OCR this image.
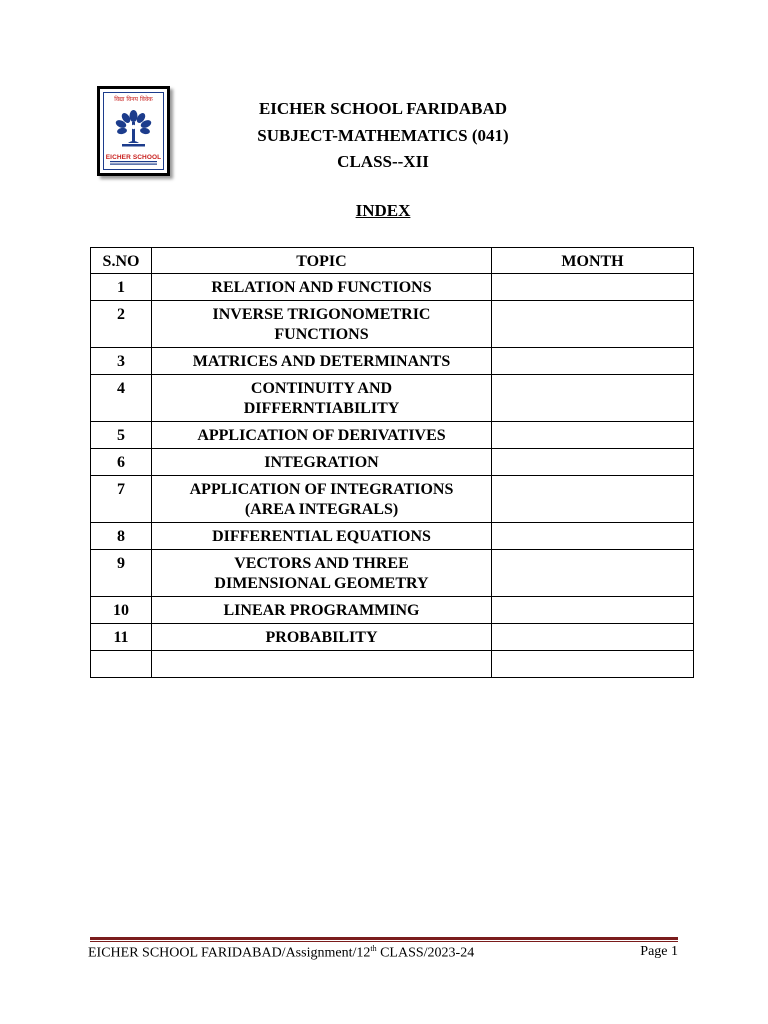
EICHER SCHOOL
विद्या विनय विवेक	EICHER SCHOOL FARIDABAD
SUBJECT-MATHEMATICS (041)
CLASS--XII
INDEX
S.NO	TOPIC	MONTH
1	RELATION AND FUNCTIONS	
2	INVERSE TRIGONOMETRIC
FUNCTIONS	
3	MATRICES AND DETERMINANTS	
4	CONTINUITY AND
DIFFERNTIABILITY	
5	APPLICATION OF DERIVATIVES	
6	INTEGRATION	
7	APPLICATION OF INTEGRATIONS
(AREA INTEGRALS)	
8	DIFFERENTIAL EQUATIONS	
9	VECTORS AND THREE
DIMENSIONAL GEOMETRY	
10	LINEAR PROGRAMMING	
11	PROBABILITY	

EICHER SCHOOL FARIDABAD/Assignment/12th CLASS/2023-24	Page 1
